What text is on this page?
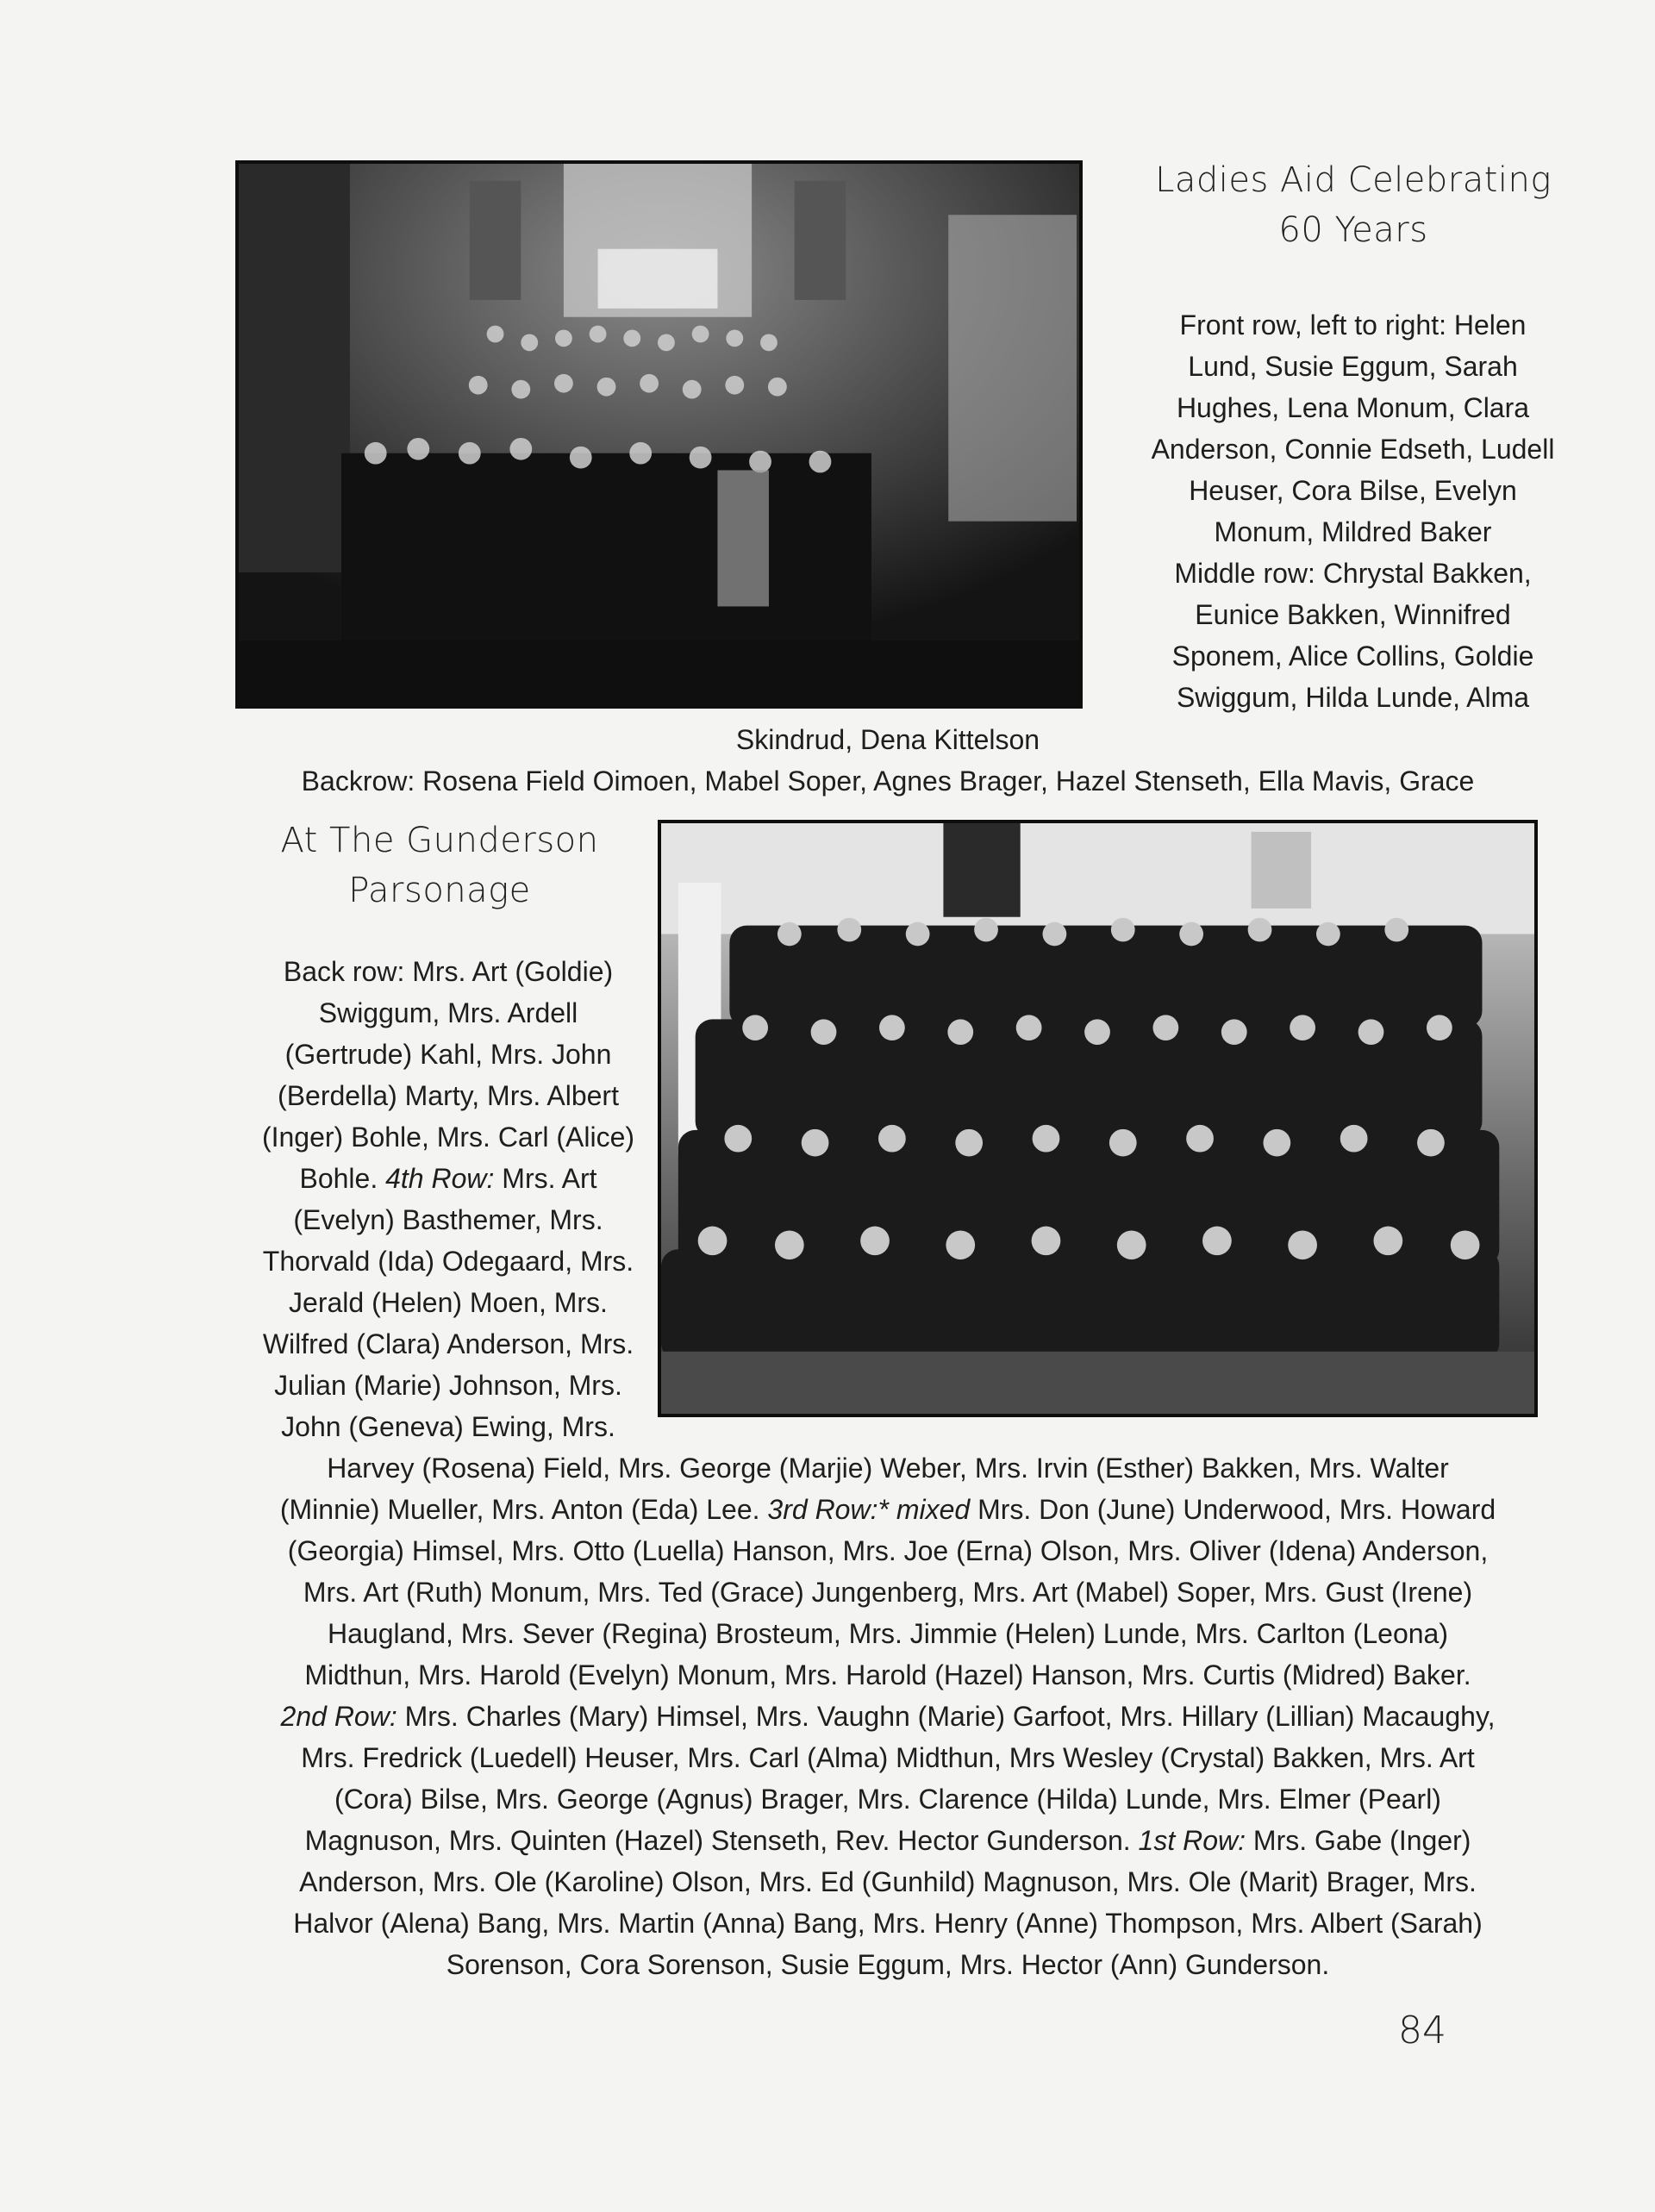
Ladies Aid Celebrating
60 Years
Front row, left to right: Helen
Lund, Susie Eggum, Sarah
Hughes, Lena Monum, Clara
Anderson, Connie Edseth, Ludell
Heuser, Cora Bilse, Evelyn
Monum, Mildred Baker
Middle row: Chrystal Bakken,
Eunice Bakken, Winnifred
Sponem, Alice Collins, Goldie
Swiggum, Hilda Lunde, Alma
Skindrud, Dena Kittelson
Backrow: Rosena Field Oimoen, Mabel Soper, Agnes Brager, Hazel Stenseth, Ella Mavis, Grace
At The Gunderson
Parsonage
Back row: Mrs. Art (Goldie)
Swiggum, Mrs. Ardell
(Gertrude) Kahl, Mrs. John
(Berdella) Marty, Mrs. Albert
(Inger) Bohle, Mrs. Carl (Alice)
Bohle. 4th Row: Mrs. Art
(Evelyn) Basthemer, Mrs.
Thorvald (Ida) Odegaard, Mrs.
Jerald (Helen) Moen, Mrs.
Wilfred (Clara) Anderson, Mrs.
Julian (Marie) Johnson, Mrs.
John (Geneva) Ewing, Mrs.
Harvey (Rosena) Field, Mrs. George (Marjie) Weber, Mrs. Irvin (Esther) Bakken, Mrs. Walter
(Minnie) Mueller, Mrs. Anton (Eda) Lee. 3rd Row:* mixed Mrs. Don (June) Underwood, Mrs. Howard
(Georgia) Himsel, Mrs. Otto (Luella) Hanson, Mrs. Joe (Erna) Olson, Mrs. Oliver (Idena) Anderson,
Mrs. Art (Ruth) Monum, Mrs. Ted (Grace) Jungenberg, Mrs. Art (Mabel) Soper, Mrs. Gust (Irene)
Haugland, Mrs. Sever (Regina) Brosteum, Mrs. Jimmie (Helen) Lunde, Mrs. Carlton (Leona)
Midthun, Mrs. Harold (Evelyn) Monum, Mrs. Harold (Hazel) Hanson, Mrs. Curtis (Midred) Baker.
2nd Row: Mrs. Charles (Mary) Himsel, Mrs. Vaughn (Marie) Garfoot, Mrs. Hillary (Lillian) Macaughy,
Mrs. Fredrick (Luedell) Heuser, Mrs. Carl (Alma) Midthun, Mrs Wesley (Crystal) Bakken, Mrs. Art
(Cora) Bilse, Mrs. George (Agnus) Brager, Mrs. Clarence (Hilda) Lunde, Mrs. Elmer (Pearl)
Magnuson, Mrs. Quinten (Hazel) Stenseth, Rev. Hector Gunderson. 1st Row: Mrs. Gabe (Inger)
Anderson, Mrs. Ole (Karoline) Olson, Mrs. Ed (Gunhild) Magnuson, Mrs. Ole (Marit) Brager, Mrs.
Halvor (Alena) Bang, Mrs. Martin (Anna) Bang, Mrs. Henry (Anne) Thompson, Mrs. Albert (Sarah)
Sorenson, Cora Sorenson, Susie Eggum, Mrs. Hector (Ann) Gunderson.
84
